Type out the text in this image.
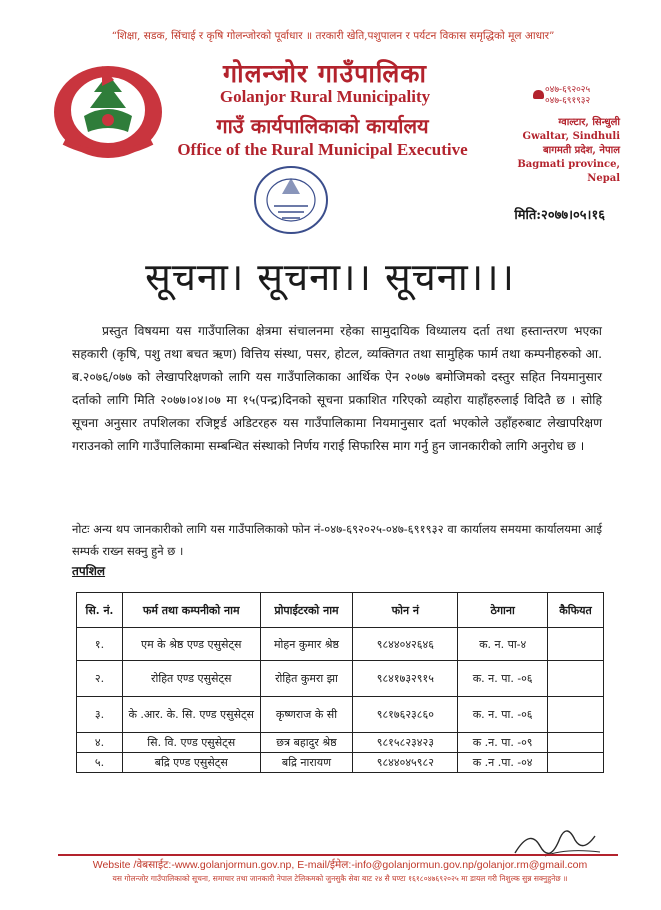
“शिक्षा, सडक, सिंचाई र कृषि गोलन्जोरको पूर्वाधार ॥ तरकारी खेति,पशुपालन र पर्यटन विकास समृद्धिको मूल आधार”
गोलन्जोर गाउँपालिका
Golanjor Rural Municipality
गाउँ कार्यपालिकाको कार्यालय
Office of the Rural Municipal Executive
०४७-६९२०२५
०४७-६९१९३२
ग्वाल्टार, सिन्धुली
Gwaltar, Sindhuli
बागमती प्रदेश, नेपाल
Bagmati province, Nepal
मिति:२०७७।०५।१६
सूचना। सूचना।। सूचना।।।
प्रस्तुत विषयमा यस गाउँपालिका क्षेत्रमा संचालनमा रहेका सामुदायिक विध्यालय दर्ता तथा हस्तान्तरण भएका सहकारी (कृषि, पशु तथा बचत ऋण) वित्तिय संस्था, पसर, होटल, व्यक्तिगत तथा सामुहिक फार्म तथा कम्पनीहरुको आ. ब.२०७६/०७७ को लेखापरिक्षणको लागि यस गाउँपालिकाका आर्थिक ऐन २०७७ बमोजिमको दस्तुर सहित नियमानुसार दर्ताको लागि मिति २०७७।०४।०७ मा १५(पन्द्र)दिनको सूचना प्रकाशित गरिएको व्यहोरा याहाँहरुलाई विदितै छ । सोहि सूचना अनुसार तपशिलका रजिष्ट्रर्ड अडिटरहरु यस गाउँपालिकामा नियमानुसार दर्ता भएकोले उहाँहरुबाट लेखापरिक्षण गराउनको लागि गाउँपालिकामा सम्बन्धित संस्थाको निर्णय गराई सिफारिस माग गर्नु हुन जानकारीको लागि अनुरोध छ ।
नोटः अन्य थप जानकारीको लागि यस गाउँपालिकाको फोन नं-०४७-६९२०२५-०४७-६९१९३२ वा कार्यालय समयमा कार्यालयमा आई सम्पर्क राख्न सक्नु हुने छ ।
तपशिल
सि. नं.	फर्म तथा कम्पनीको नाम	प्रोपाईटरको नाम	फोन नं	ठेगाना	कैफियत
१.	एम के श्रेष्ठ एण्ड एसुसेट्स	मोहन कुमार श्रेष्ठ	९८४४०४२६४६	क. न. पा-४	
२.	रोहित एण्ड एसुसेट्स	रोहित कुमरा झा	९८४१७३२९१५	क. न. पा. -०६	
३.	के .आर. के. सि. एण्ड एसुसेट्स	कृष्णराज के सी	९८१७६२३८६०	क. न. पा. -०६	
४.	सि. वि. एण्ड एसुसेट्स	छत्र बहादुर श्रेष्ठ	९८१५८२३४२३	क .न. पा. -०९	
५.	बद्रि एण्ड एसुसेट्स	बद्रि नारायण	९८४४०४५९८२	क .न .पा. -०४	
Website /वेबसाईट:-www.golanjormun.gov.np, E-mail/ईमेल:-info@golanjormun.gov.np/golanjor.rm@gmail.com
यस गोलन्जोर गाउँपालिकाको सूचना, समाचार तथा जानकारी नेपाल टेलिकमको जुनसुकै सेवा बाट २४ सै घण्टा १६१८०४७६९२०२५ मा डायल गरी निशुल्क सुन्न सक्नुहुनेछ ॥
